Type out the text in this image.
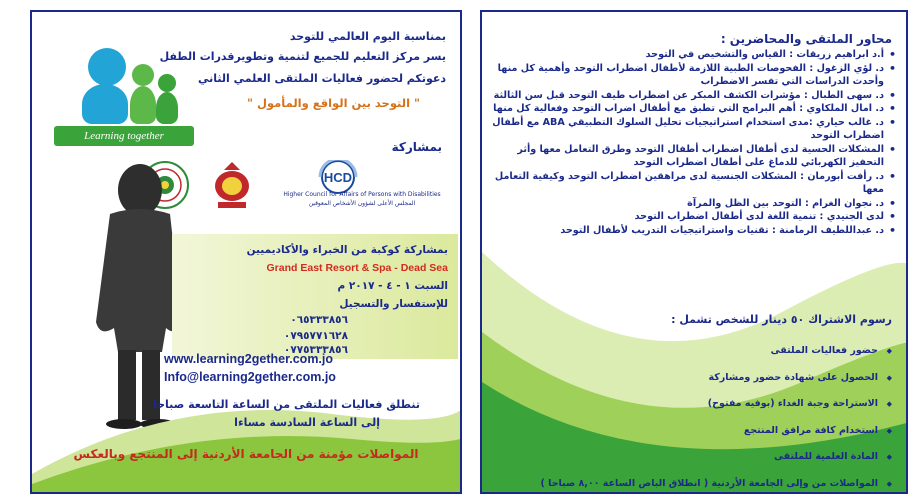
Learning together
بمناسبة اليوم العالمي للتوحد
يسر مركز التعليم للجميع لتنمية وتطويرقدرات الطفل
دعوتكم لحضور فعاليات الملتقى العلمي الثاني
" التوحد بين الواقع والمأمول "
بمشاركة
HCD
Higher Council for Affairs of Persons with Disabilities
المجلس الأعلى لشؤون الأشخاص المعوقين
بمشاركة كوكبة من الخبراء والأكاديميين
Grand East Resort & Spa - Dead Sea
السبت ١ - ٤ - ٢٠١٧ م
للإستفسار والتسجيل
٠٦٥٣٣٣٨٥٦
٠٧٩٥٧٧١٦٢٨
٠٧٧٥٣٣٣٨٥٦
www.learning2gether.com.jo
Info@learning2gether.com.jo
تنطلق فعاليات الملتقى من الساعة التاسعة صباحا
إلى الساعة السادسة مساءا
المواصلات مؤمنة من الجامعة الأردنية إلى المنتجع وبالعكس
محاور الملتقى والمحاضرين :
• أ.د ابراهيم زريقات : القياس والتشخيص في التوحد
• د. لؤي الزغول : الفحوصات الطبية اللازمة لأطفال اضطراب التوحد وأهمية كل منها وأحدث الدراسات التي تفسر الاضطراب
• د. سهى الطبال : مؤشرات الكشف المبكر عن اضطراب طيف التوحد قبل سن الثالثة
• د. امال الملكاوي : أهم البرامج التي تطبق مع أطفال اضراب التوحد وفعالية كل منها
• د. غالب حياري :مدى استخدام استراتيجيات تحليل السلوك التطبيقي ABA مع أطفال اضطراب التوحد
• المشكلات الحسية لدى أطفال اضطراب أطفال التوحد وطرق التعامل معها وأثر التحفيز الكهربائي للدماغ على أطفال اضطراب التوحد
• د. رأفت أبورمان : المشكلات الجنسية لدى مراهقين اضطراب التوحد وكيفية التعامل معها
• د. نجوان الغرام : التوحد بين الظل والمرآة
• لدى الجنيدي : تنمية اللغة لدى أطفال اضطراب التوحد
• د. عبداللطيف الرمامنة : تقنيات واستراتيجيات التدريب لأطفال التوحد
رسوم الاشتراك ٥٠ دينار للشخص تشمل :
◆ حضور فعاليات الملتقى
◆ الحصول على شهادة حضور ومشاركة
◆ الاستراحة وجبة الغداء (بوفيه مفتوح)
◆ استخدام كافة مرافق المنتجع
◆ المادة العلمية للملتقى
◆ المواصلات من وإلى الجامعة الأردنية ( انطلاق الباص الساعة ٨,٠٠ صباحا )
